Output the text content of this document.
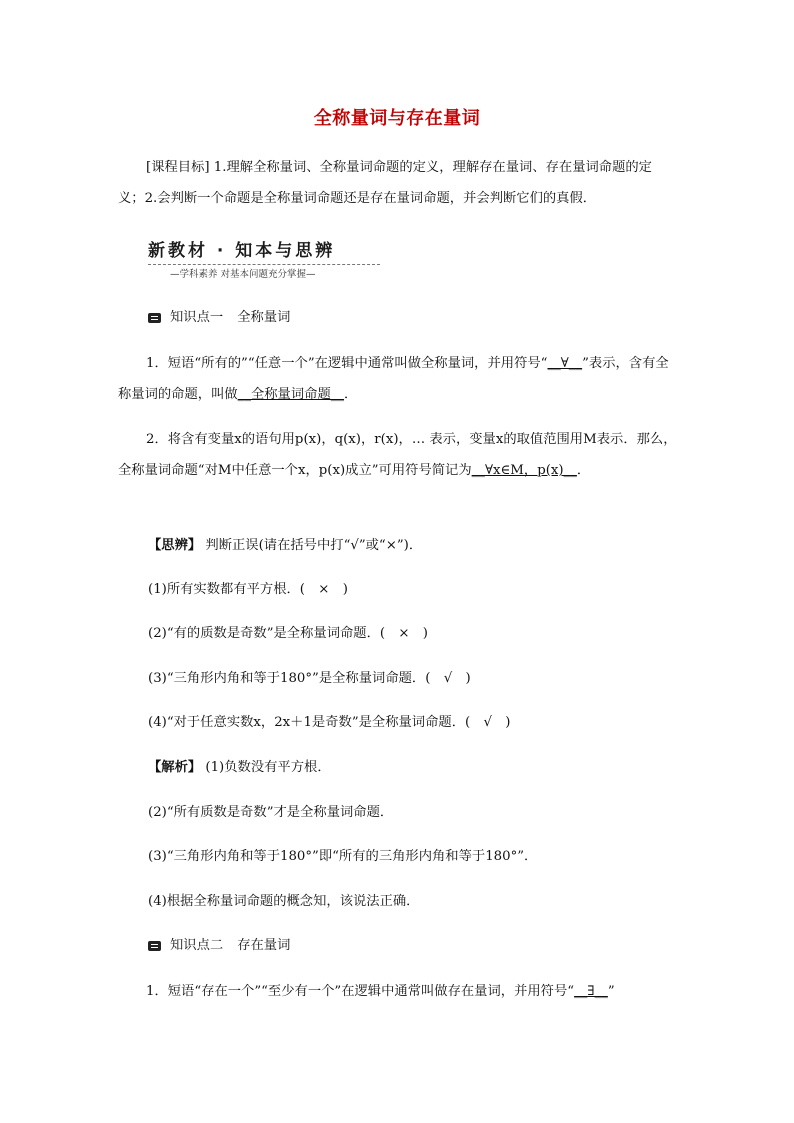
全称量词与存在量词
[课程目标] 1.理解全称量词、全称量词命题的定义，理解存在量词、存在量词命题的定义；2.会判断一个命题是全称量词命题还是存在量词命题，并会判断它们的真假．
新教材 · 知本与思辨
—学科素养 对基本问题充分掌握—
知识点一 全称量词
1．短语“所有的”“任意一个”在逻辑中通常叫做全称量词，并用符号“__∀__”表示，含有全称量词的命题，叫做__全称量词命题__．
2．将含有变量x的语句用p(x)，q(x)，r(x)，… 表示，变量x的取值范围用M表示．那么，全称量词命题“对M中任意一个x，p(x)成立”可用符号简记为__∀x∈M，p(x)__．
【思辨】 判断正误(请在括号中打“√”或“×”)．
(1)所有实数都有平方根．(　×　)
(2)“有的质数是奇数”是全称量词命题．(　×　)
(3)“三角形内角和等于180°”是全称量词命题．(　√　)
(4)“对于任意实数x，2x＋1是奇数”是全称量词命题．(　√　)
【解析】 (1)负数没有平方根．
(2)“所有质数是奇数”才是全称量词命题．
(3)“三角形内角和等于180°”即“所有的三角形内角和等于180°”．
(4)根据全称量词命题的概念知，该说法正确．
知识点二 存在量词
1．短语“存在一个”“至少有一个”在逻辑中通常叫做存在量词，并用符号“__∃__”
